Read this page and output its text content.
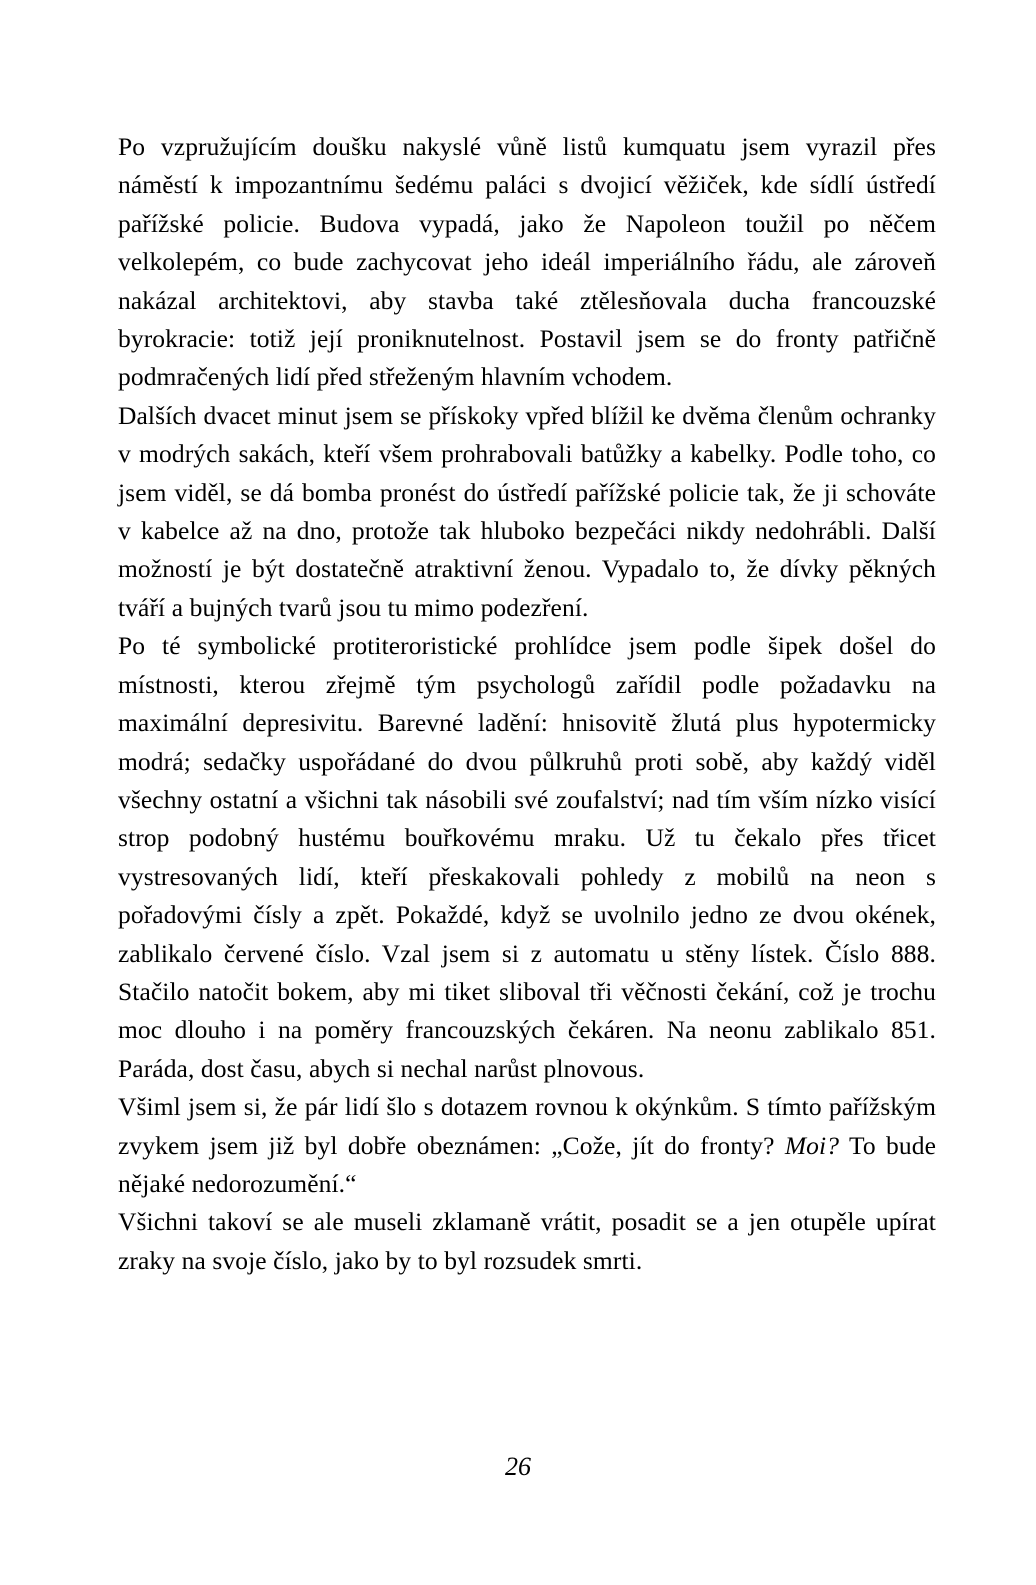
Po vzpružujícím doušku nakyslé vůně listů kumquatu jsem vyrazil přes náměstí k impozantnímu šedému paláci s dvojicí věžiček, kde sídlí ústředí pařížské policie. Budova vypadá, jako že Napoleon toužil po něčem velkolepém, co bude zachycovat jeho ideál imperiálního řádu, ale zároveň nakázal architektovi, aby stavba také ztělesňovala ducha francouzské byrokracie: totiž její proniknutelnost. Postavil jsem se do fronty patřičně podmračených lidí před střeženým hlavním vchodem.

Dalších dvacet minut jsem se přískoky vpřed blížil ke dvěma členům ochranky v modrých sakách, kteří všem prohrabovali batůžky a kabelky. Podle toho, co jsem viděl, se dá bomba pronést do ústředí pařížské policie tak, že ji schováte v kabelce až na dno, protože tak hluboko bezpečáci nikdy nedohrábli. Další možností je být dostatečně atraktivní ženou. Vypadalo to, že dívky pěkných tváří a bujných tvarů jsou tu mimo podezření.

Po té symbolické protiteroristické prohlídce jsem podle šipek došel do místnosti, kterou zřejmě tým psychologů zařídil podle požadavku na maximální depresivitu. Barevné ladění: hnisovitě žlutá plus hypotermicky modrá; sedačky uspořádané do dvou půlkruhů proti sobě, aby každý viděl všechny ostatní a všichni tak násobili své zoufalství; nad tím vším nízko visící strop podobný hustému bouřkovému mraku. Už tu čekalo přes třicet vystresovaných lidí, kteří přeskakovali pohledy z mobilů na neon s pořadovými čísly a zpět. Pokaždé, když se uvolnilo jedno ze dvou okének, zablikalo červené číslo. Vzal jsem si z automatu u stěny lístek. Číslo 888. Stačilo natočit bokem, aby mi tiket sliboval tři věčnosti čekání, což je trochu moc dlouho i na poměry francouzských čekáren. Na neonu zablikalo 851. Paráda, dost času, abych si nechal narůst plnovous.

Všiml jsem si, že pár lidí šlo s dotazem rovnou k okýnkům. S tímto pařížským zvykem jsem již byl dobře obeznámen: „Cože, jít do fronty? Moi? To bude nějaké nedorozumění.“

Všichni takoví se ale museli zklamaně vrátit, posadit se a jen otupěle upírat zraky na svoje číslo, jako by to byl rozsudek smrti.

26
